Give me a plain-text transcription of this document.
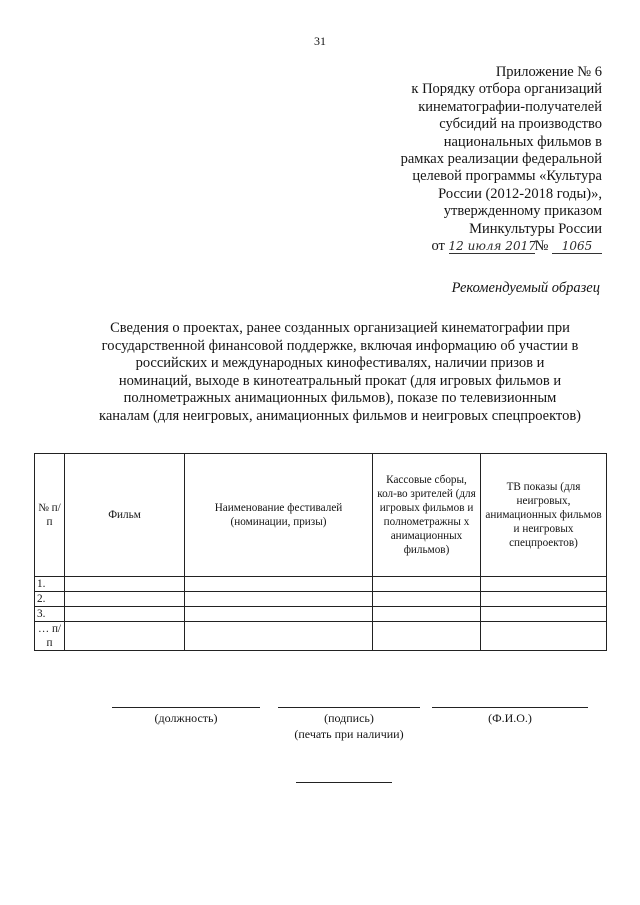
31
Приложение № 6
к Порядку отбора организаций
кинематографии-получателей
субсидий на производство
национальных фильмов в
рамках реализации федеральной
целевой программы «Культура
России (2012-2018 годы)»,
утвержденному приказом
Минкультуры России
от 12 июля 2017№ 1065
Рекомендуемый образец
Сведения о проектах, ранее созданных организацией кинематографии при
государственной финансовой поддержке, включая информацию об участии в
российских и международных кинофестивалях, наличии призов и
номинаций, выходе в кинотеатральный прокат (для игровых фильмов и
полнометражных анимационных фильмов), показе по телевизионным
каналам (для неигровых, анимационных фильмов и неигровых спецпроектов)
№ п/п	Фильм	Наименование фестивалей (номинации, призы)	Кассовые сборы, кол-во зрителей (для игровых фильмов и полнометражны х анимационных фильмов)	ТВ показы (для неигровых, анимационных фильмов и неигровых спецпроектов)
1.				
2.				
3.				
… п/п				
(должность)	(подпись)
(печать при наличии)
(Ф.И.О.)
